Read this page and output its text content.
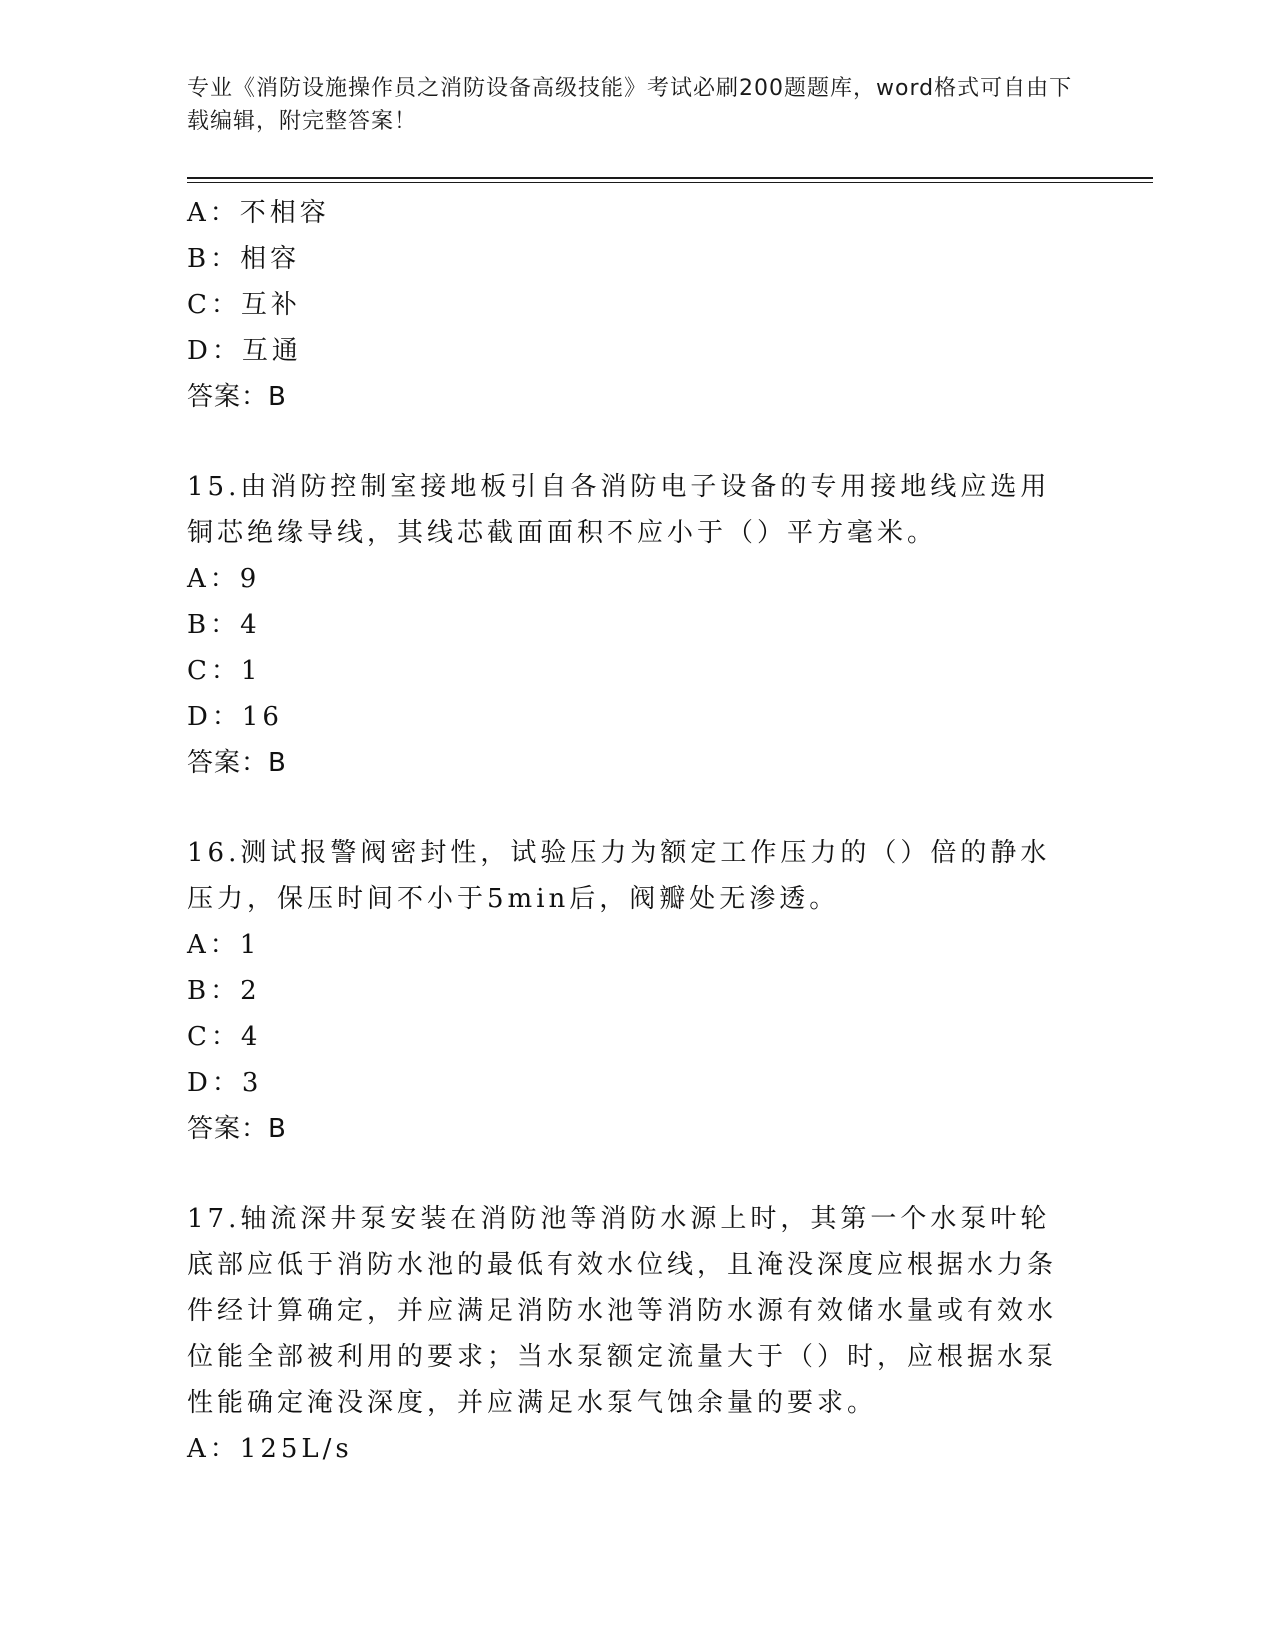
专业《消防设施操作员之消防设备高级技能》考试必刷200题题库，word格式可自由下载编辑，附完整答案！
A：不相容
B：相容
C：互补
D：互通
答案：B
15.由消防控制室接地板引自各消防电子设备的专用接地线应选用铜芯绝缘导线，其线芯截面面积不应小于（）平方毫米。
A：9
B：4
C：1
D：16
答案：B
16.测试报警阀密封性，试验压力为额定工作压力的（）倍的静水压力，保压时间不小于5min后，阀瓣处无渗透。
A：1
B：2
C：4
D：3
答案：B
17.轴流深井泵安装在消防池等消防水源上时，其第一个水泵叶轮底部应低于消防水池的最低有效水位线，且淹没深度应根据水力条件经计算确定，并应满足消防水池等消防水源有效储水量或有效水位能全部被利用的要求；当水泵额定流量大于（）时，应根据水泵性能确定淹没深度，并应满足水泵气蚀余量的要求。
A：125L/s
